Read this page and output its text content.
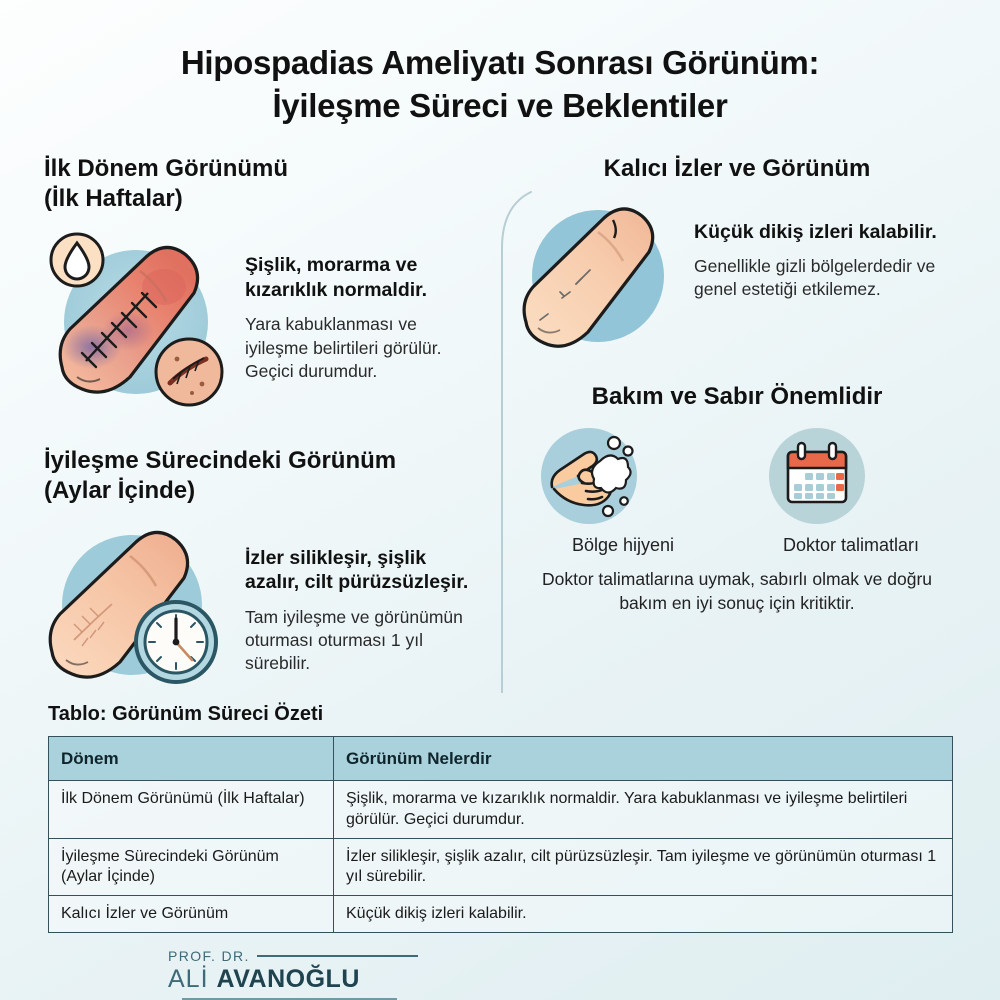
Hipospadias Ameliyatı Sonrası Görünüm:
İyileşme Süreci ve Beklentiler
İlk Dönem Görünümü
(İlk Haftalar)
Şişlik, morarma ve kızarıklık normaldir.
Yara kabuklanması ve iyileşme belirtileri görülür. Geçici durumdur.
İyileşme Sürecindeki Görünüm
(Aylar İçinde)
İzler silikleşir, şişlik azalır, cilt pürüzsüzleşir.
Tam iyileşme ve görünümün oturması oturması 1 yıl sürebilir.
Kalıcı İzler ve Görünüm
Küçük dikiş izleri kalabilir.
Genellikle gizli bölgelerdedir ve genel estetiği etkilemez.
Bakım ve Sabır Önemlidir
Bölge hijyeni	Doktor talimatları
Doktor talimatlarına uymak, sabırlı olmak ve doğru bakım en iyi sonuç için kritiktir.
Tablo: Görünüm Süreci Özeti
Dönem	Görünüm Nelerdir
İlk Dönem Görünümü (İlk Haftalar)	Şişlik, morarma ve kızarıklık normaldir. Yara kabuklanması ve iyileşme belirtileri görülür. Geçici durumdur.
İyileşme Sürecindeki Görünüm (Aylar İçinde)	İzler silikleşir, şişlik azalır, cilt pürüzsüzleşir. Tam iyileşme ve görünümün oturması 1 yıl sürebilir.
Kalıcı İzler ve Görünüm	Küçük dikiş izleri kalabilir.
PROF. DR.
ALİ AVANOĞLU
